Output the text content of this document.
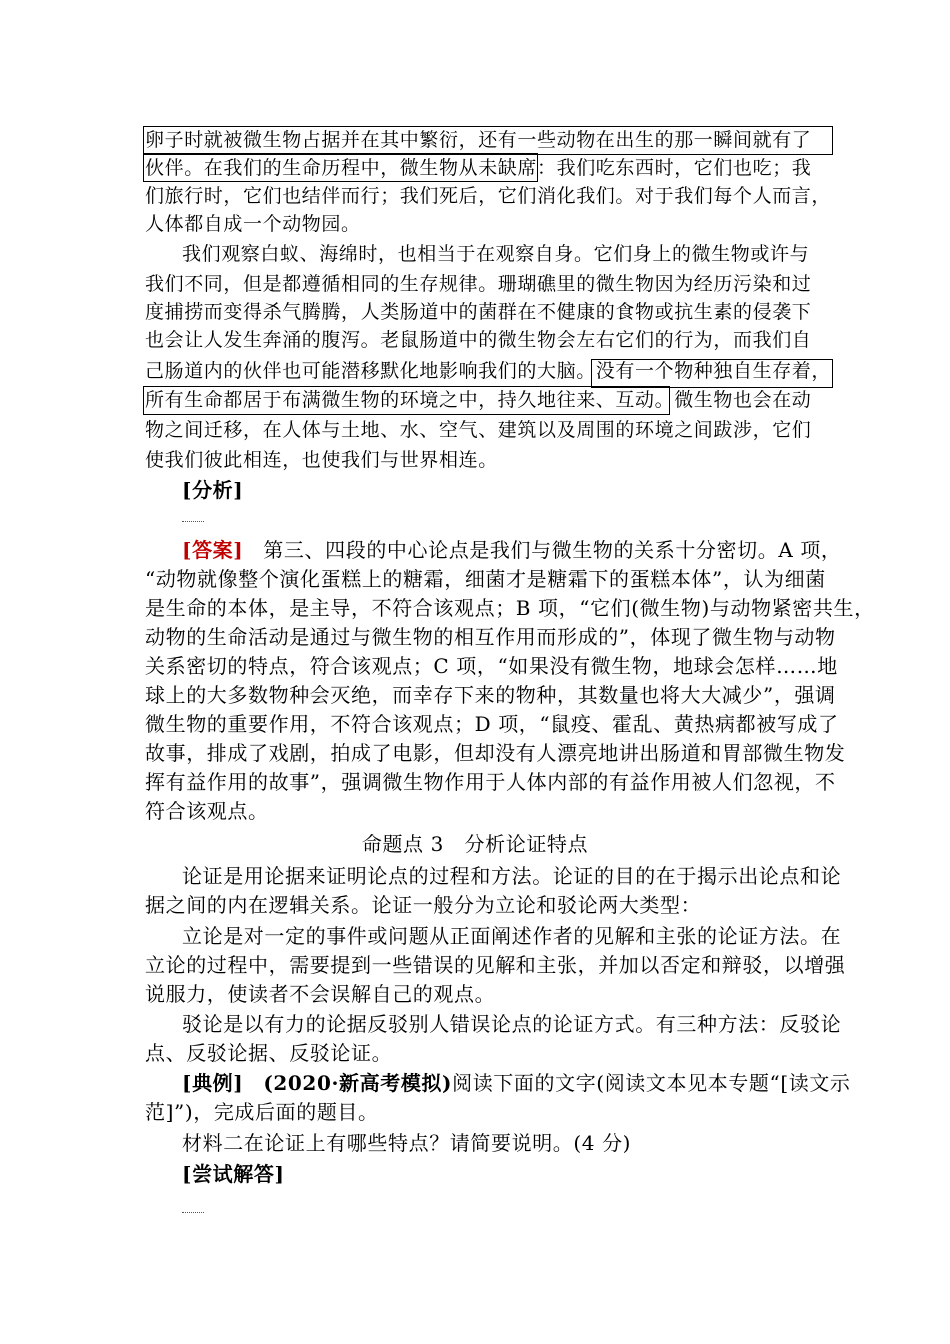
卵子时就被微生物占据并在其中繁衍，还有一些动物在出生的那一瞬间就有了
伙伴。在我们的生命历程中，微生物从未缺席：我们吃东西时，它们也吃；我
们旅行时，它们也结伴而行；我们死后，它们消化我们。对于我们每个人而言，
人体都自成一个动物园。
我们观察白蚁、海绵时，也相当于在观察自身。它们身上的微生物或许与
我们不同，但是都遵循相同的生存规律。珊瑚礁里的微生物因为经历污染和过
度捕捞而变得杀气腾腾，人类肠道中的菌群在不健康的食物或抗生素的侵袭下
也会让人发生奔涌的腹泻。老鼠肠道中的微生物会左右它们的行为，而我们自
己肠道内的伙伴也可能潜移默化地影响我们的大脑。没有一个物种独自生存着，
所有生命都居于布满微生物的环境之中，持久地往来、互动。微生物也会在动
物之间迁移，在人体与土地、水、空气、建筑以及周围的环境之间跋涉，它们
使我们彼此相连，也使我们与世界相连。
[分析]
[答案] 第三、四段的中心论点是我们与微生物的关系十分密切。A 项，
“动物就像整个演化蛋糕上的糖霜，细菌才是糖霜下的蛋糕本体”，认为细菌
是生命的本体，是主导，不符合该观点；B 项，“它们(微生物)与动物紧密共生，
动物的生命活动是通过与微生物的相互作用而形成的”，体现了微生物与动物
关系密切的特点，符合该观点；C 项，“如果没有微生物，地球会怎样……地
球上的大多数物种会灭绝，而幸存下来的物种，其数量也将大大减少”，强调
微生物的重要作用，不符合该观点；D 项，“鼠疫、霍乱、黄热病都被写成了
故事，排成了戏剧，拍成了电影，但却没有人漂亮地讲出肠道和胃部微生物发
挥有益作用的故事”，强调微生物作用于人体内部的有益作用被人们忽视，不
符合该观点。
命题点 3　分析论证特点
论证是用论据来证明论点的过程和方法。论证的目的在于揭示出论点和论
据之间的内在逻辑关系。论证一般分为立论和驳论两大类型：
立论是对一定的事件或问题从正面阐述作者的见解和主张的论证方法。在
立论的过程中，需要提到一些错误的见解和主张，并加以否定和辩驳，以增强
说服力，使读者不会误解自己的观点。
驳论是以有力的论据反驳别人错误论点的论证方式。有三种方法：反驳论
点、反驳论据、反驳论证。
[典例] (2020·新高考模拟)阅读下面的文字(阅读文本见本专题“[读文示
范]”)，完成后面的题目。
材料二在论证上有哪些特点？请简要说明。(4 分)
[尝试解答]
